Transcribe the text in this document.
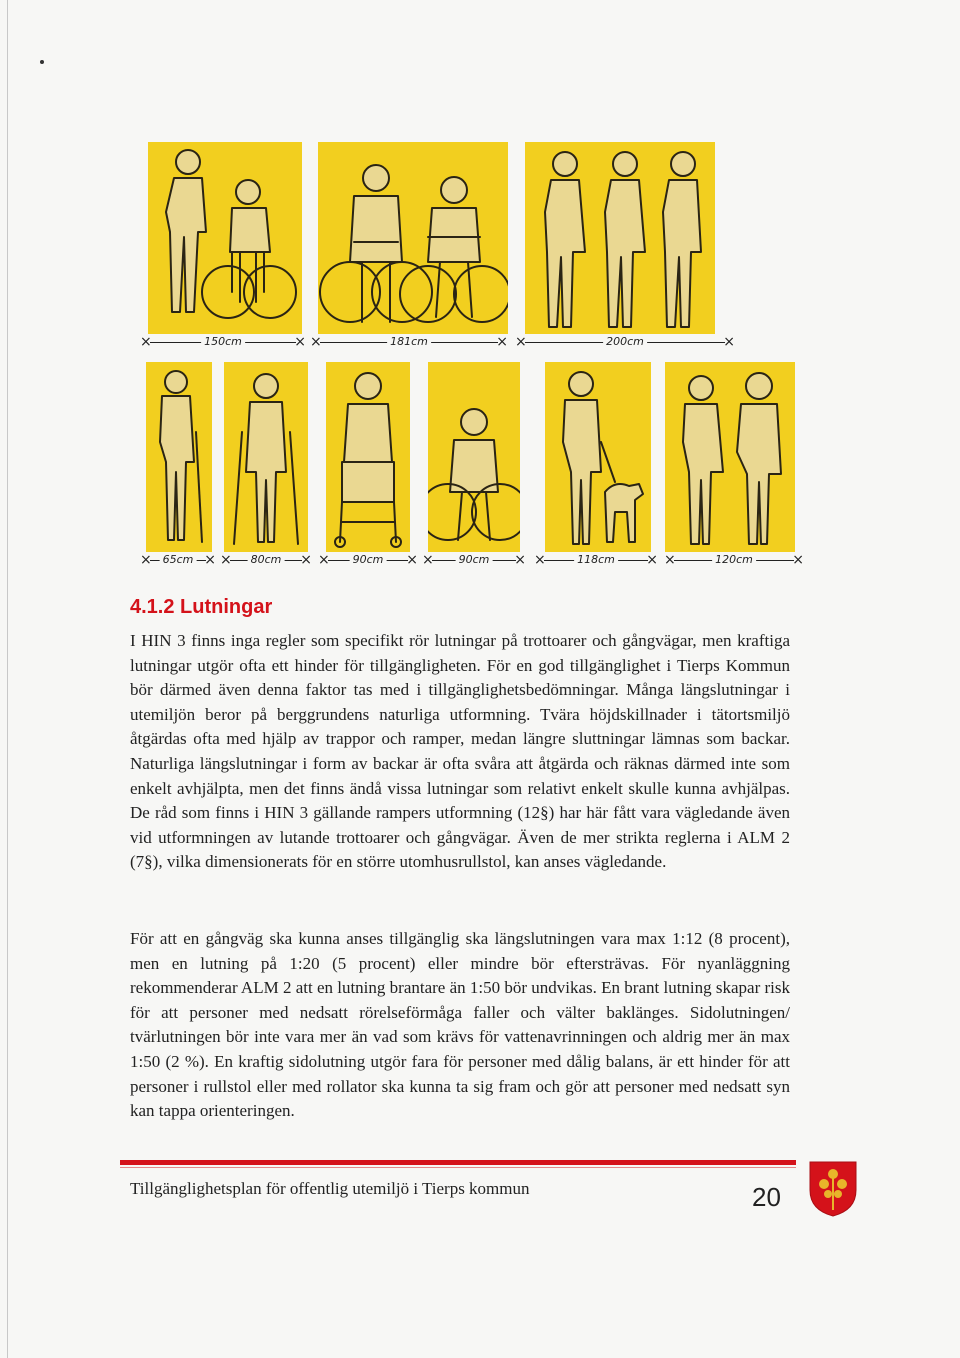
×	×
150cm	×	×
181cm	×	×
200cm
×	×
65cm ×	×
80cm	×	×
90cm	×	×
90cm	×	×
118cm	×	×
120cm
4.1.2 Lutningar

I HIN 3 finns inga regler som specifikt rör lutningar på trottoarer och gångvägar, men kraftiga lutningar utgör ofta ett hinder för tillgängligheten. För en god tillgänglighet i Tierps Kommun bör därmed även denna faktor tas med i tillgänglighetsbedömningar. Många längslutningar i utemiljön beror på berggrundens naturliga utformning. Tvära höjdskillnader i tätortsmiljö åtgärdas ofta med hjälp av trappor och ramper, medan längre sluttningar lämnas som backar. Naturliga längslutningar i form av backar är ofta svåra att åtgärda och räknas därmed inte som enkelt avhjälpta, men det finns ändå vissa lutningar som relativt enkelt skulle kunna avhjälpas. De råd som finns i HIN 3 gällande rampers utformning (12§) har här fått vara vägledande även vid utformningen av lutande trottoarer och gångvägar. Även de mer strikta reglerna i ALM 2 (7§), vilka dimensionerats för en större utomhusrullstol, kan anses vägledande.

För att en gångväg ska kunna anses tillgänglig ska längslutningen vara max 1:12 (8 procent), men en lutning på 1:20 (5 procent) eller mindre bör eftersträvas. För nyanläggning rekommenderar ALM 2 att en lutning brantare än 1:50 bör undvikas. En brant lutning skapar risk för att personer med nedsatt rörelseförmåga faller och välter baklänges. Sidolutningen/ tvärlutningen bör inte vara mer än vad som krävs för vattenavrinningen och aldrig mer än max 1:50 (2 %). En kraftig sidolutning utgör fara för personer med dålig balans, är ett hinder för att personer i rullstol eller med rollator ska kunna ta sig fram och gör att personer med nedsatt syn kan tappa orienteringen.

Tillgänglighetsplan för offentlig utemiljö i Tierps kommun	20
